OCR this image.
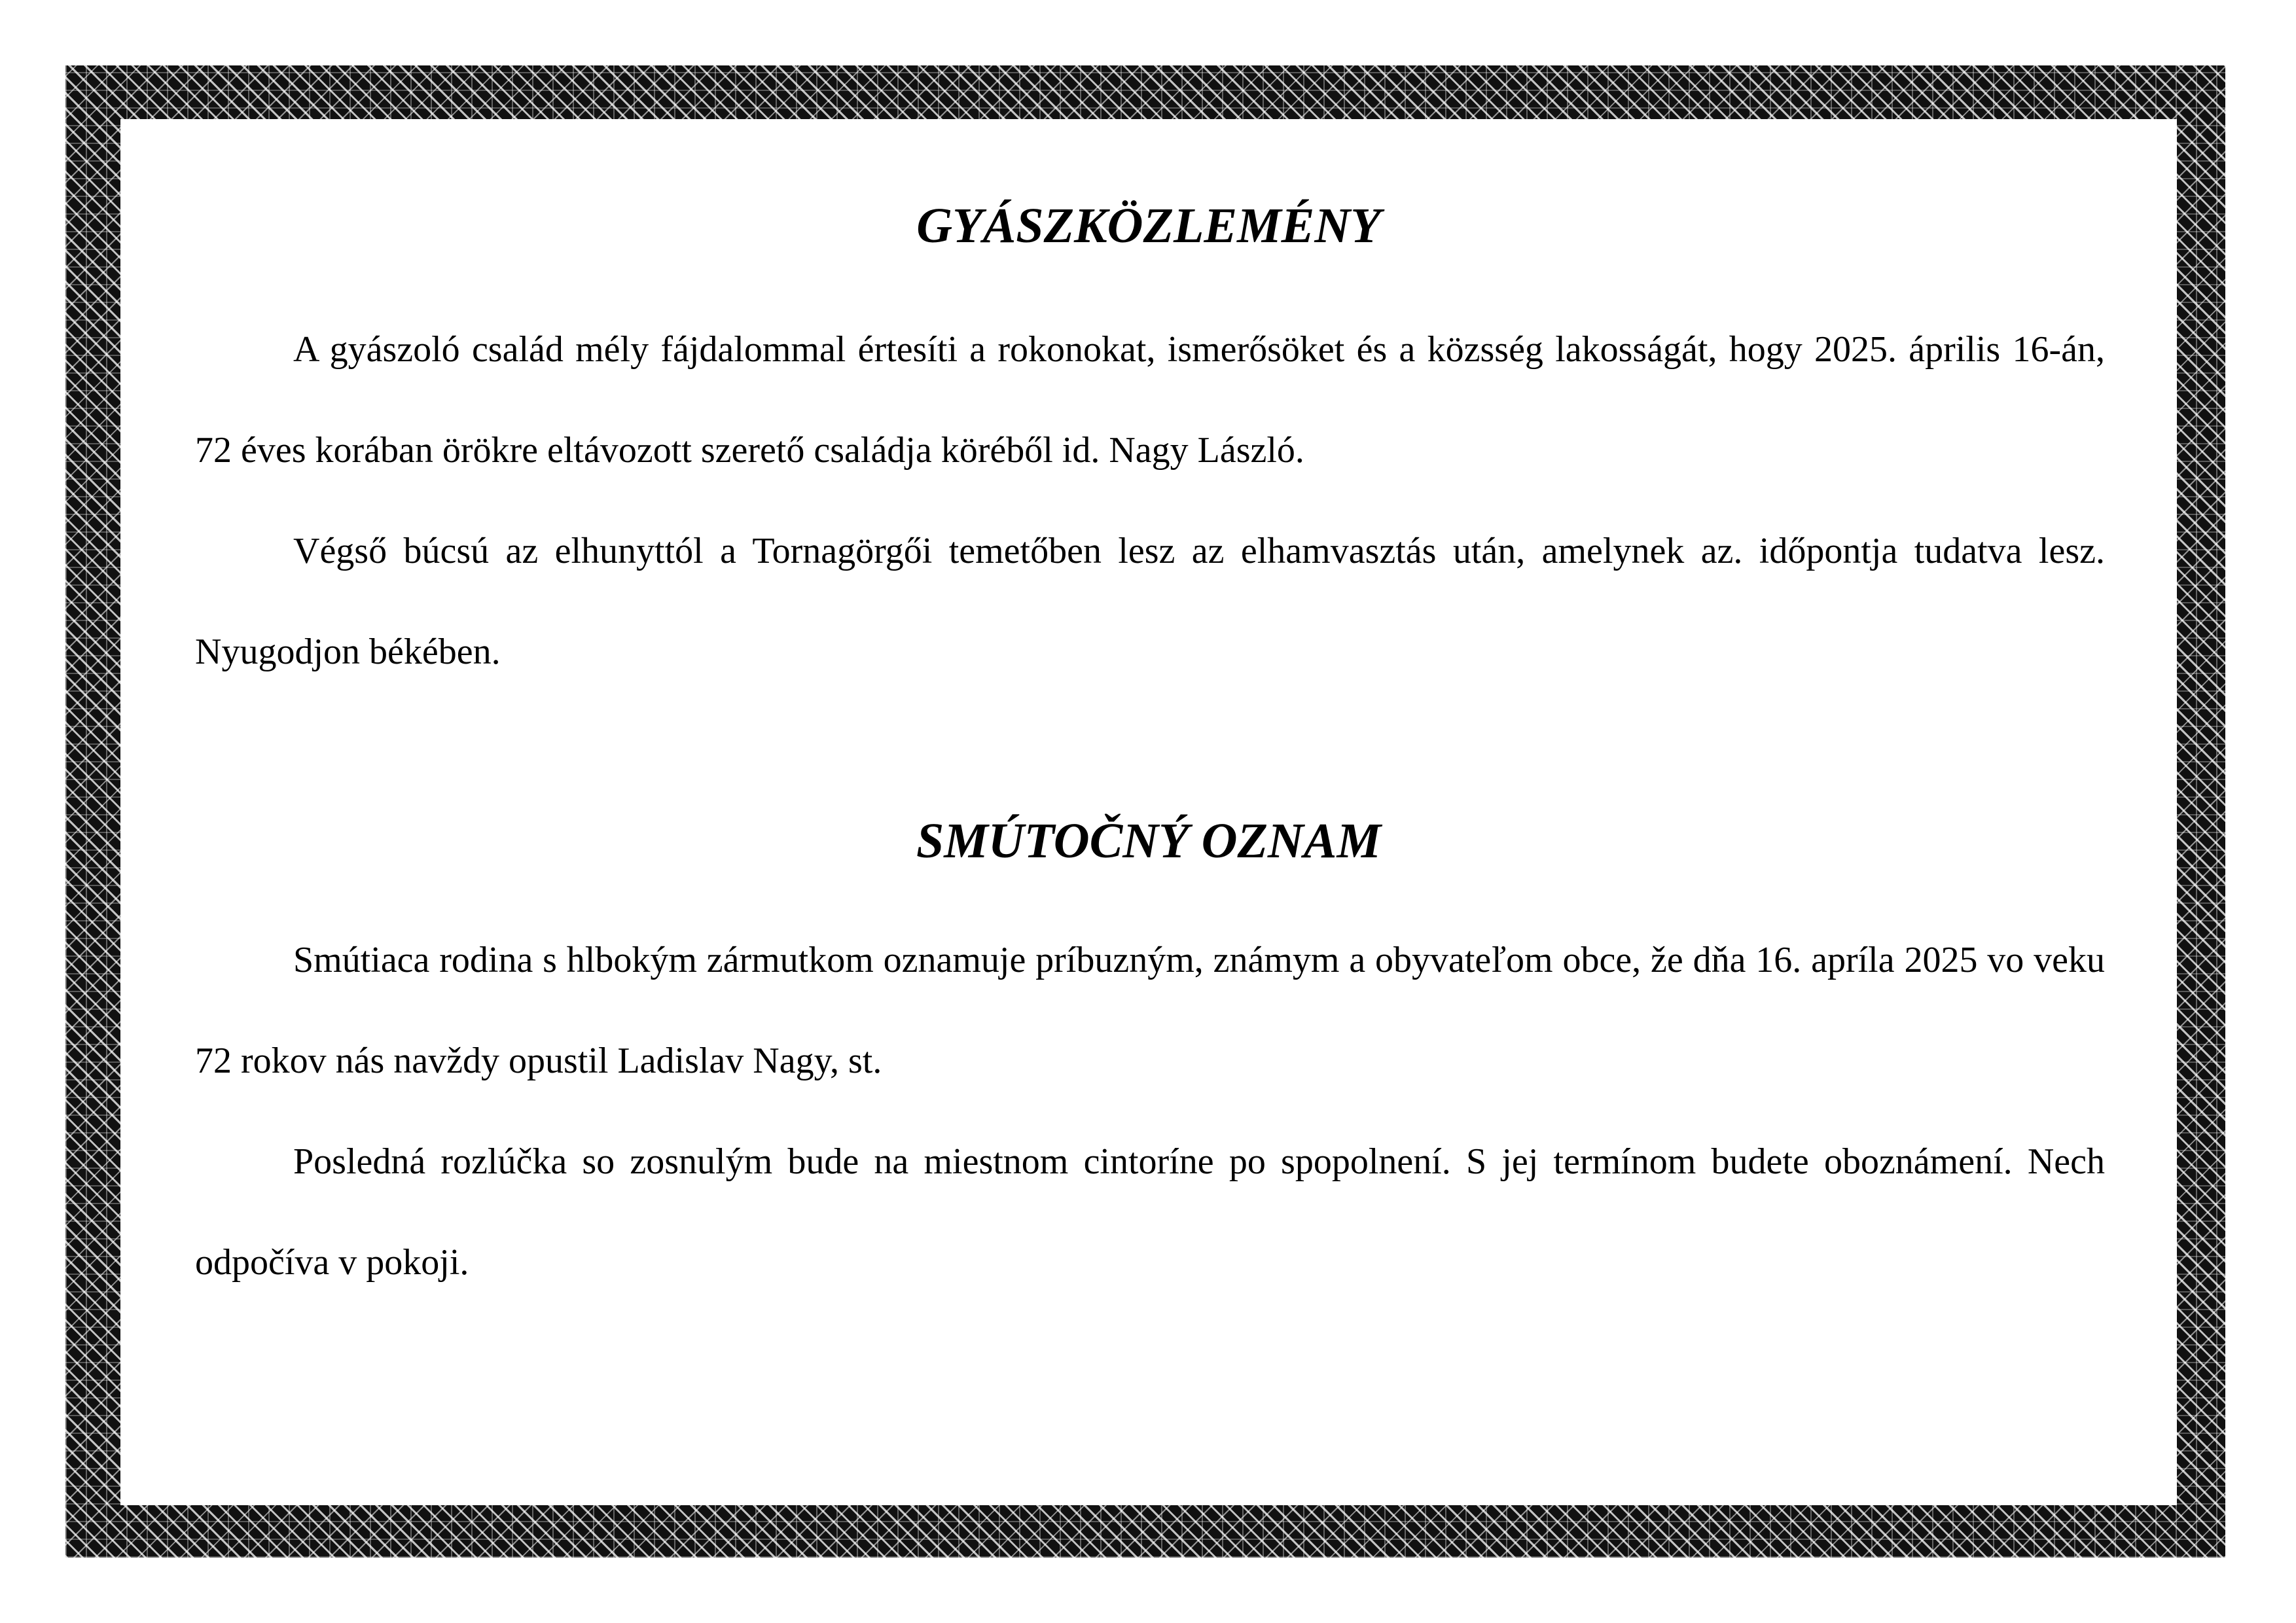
GYÁSZKÖZLEMÉNY

A gyászoló család mély fájdalommal értesíti a rokonokat, ismerősöket és a közsség lakosságát, hogy 2025. április 16-án, 72 éves korában örökre eltávozott szerető családja köréből id. Nagy László.

Végső búcsú az elhunyttól a Tornagörgői temetőben lesz az elhamvasztás után, amelynek az. időpontja tudatva lesz. Nyugodjon békében.

SMÚTOČNÝ OZNAM

Smútiaca rodina s hlbokým zármutkom oznamuje príbuzným, známym a obyvateľom obce, že dňa 16. apríla 2025 vo veku 72 rokov nás navždy opustil Ladislav Nagy, st.

Posledná rozlúčka so zosnulým bude na miestnom cintoríne po spopolnení. S jej termínom budete oboznámení. Nech odpočíva v pokoji.
